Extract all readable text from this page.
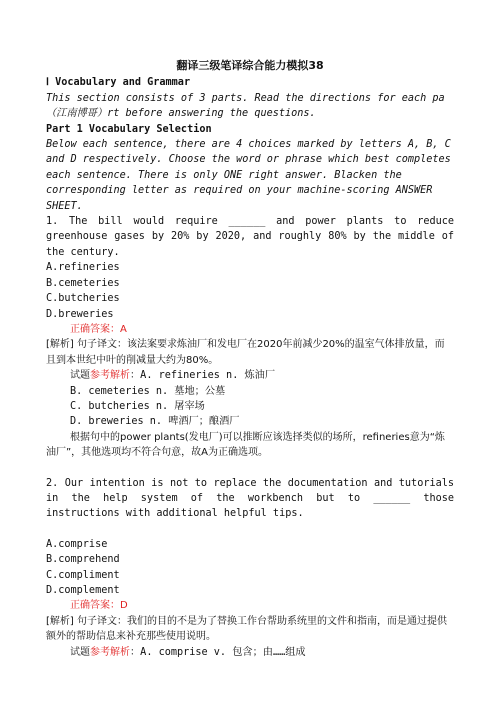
翻译三级笔译综合能力模拟38
Ⅰ Vocabulary and Grammar
This section consists of 3 parts. Read the directions for each pa（江南博哥）rt before answering the questions.
Part 1 Vocabulary Selection
Below each sentence, there are 4 choices marked by letters A, B, C and D respectively. Choose the word or phrase which best completes each sentence. There is only ONE right answer. Blacken the corresponding letter as required on your machine-scoring ANSWER SHEET.
1. The bill would require ______ and power plants to reduce greenhouse gases by 20% by 2020, and roughly 80% by the middle of the century.
A.refineries
B.cemeteries
C.butcheries
D.breweries
正确答案：A
[解析] 句子译文：该法案要求炼油厂和发电厂在2020年前减少20%的温室气体排放量，而且到本世纪中叶的削减量大约为80%。
试题参考解析：A. refineries n. 炼油厂
B. cemeteries n. 墓地；公墓
C. butcheries n. 屠宰场
D. breweries n. 啤酒厂；酿酒厂
根据句中的power plants(发电厂)可以推断应该选择类似的场所，refineries意为“炼油厂”，其他选项均不符合句意，故A为正确选项。
2. Our intention is not to replace the documentation and tutorials in the help system of the workbench but to ______ those instructions with additional helpful tips.
A.comprise
B.comprehend
C.compliment
D.complement
正确答案：D
[解析] 句子译文：我们的目的不是为了替换工作台帮助系统里的文件和指南，而是通过提供额外的帮助信息来补充那些使用说明。
试题参考解析：A. comprise v. 包含；由……组成
